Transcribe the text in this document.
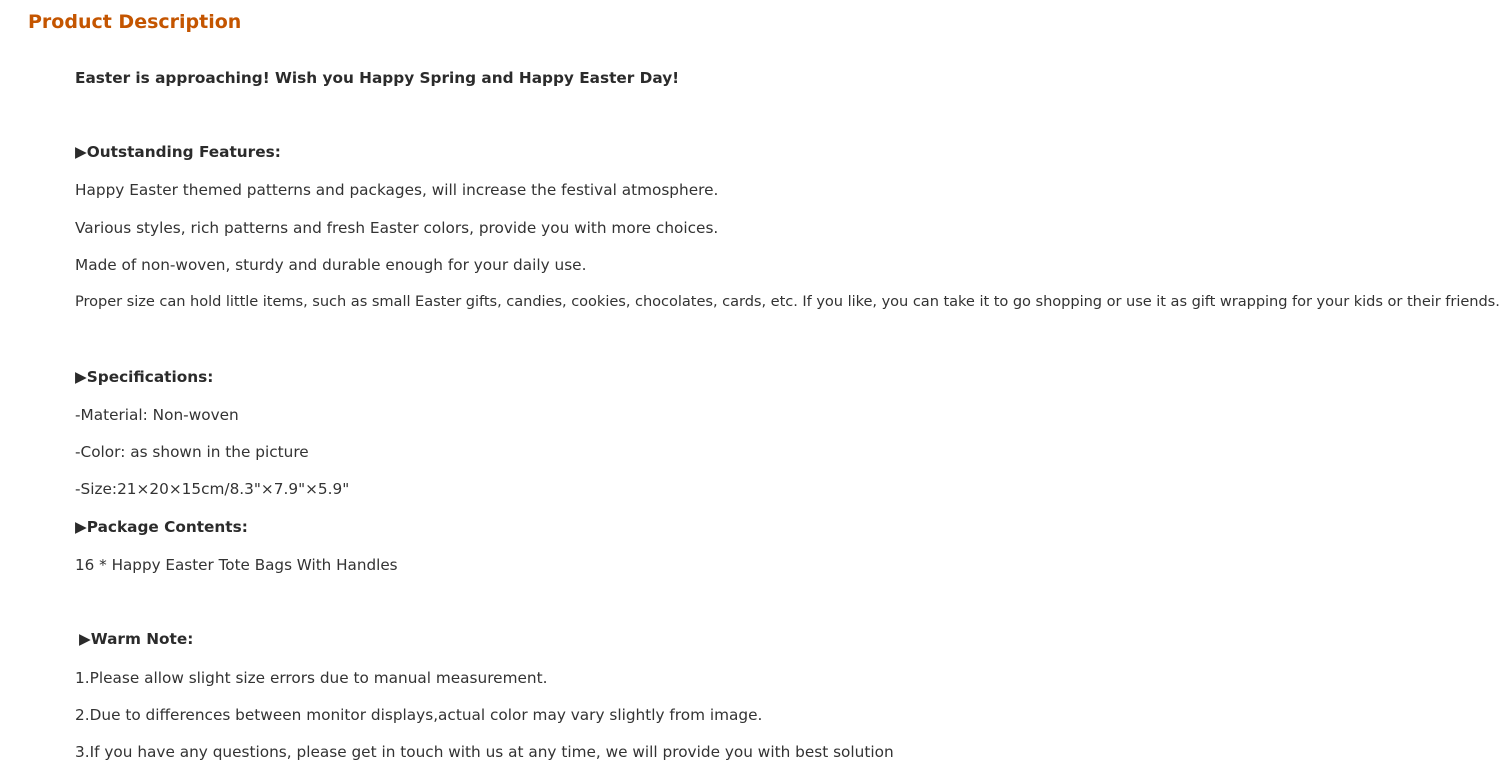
Product Description
Easter is approaching! Wish you Happy Spring and Happy Easter Day!
▶Outstanding Features:
Happy Easter themed patterns and packages, will increase the festival atmosphere.
Various styles, rich patterns and fresh Easter colors, provide you with more choices.
Made of non-woven, sturdy and durable enough for your daily use.
Proper size can hold little items, such as small Easter gifts, candies, cookies, chocolates, cards, etc. If you like, you can take it to go shopping or use it as gift wrapping for your kids or their friends.
▶Specifications:
-Material: Non-woven
-Color: as shown in the picture
-Size:21×20×15cm/8.3"×7.9"×5.9"
▶Package Contents:
16 * Happy Easter Tote Bags With Handles
▶Warm Note:
1.Please allow slight size errors due to manual measurement.
2.Due to differences between monitor displays,actual color may vary slightly from image.
3.If you have any questions, please get in touch with us at any time, we will provide you with best solution
